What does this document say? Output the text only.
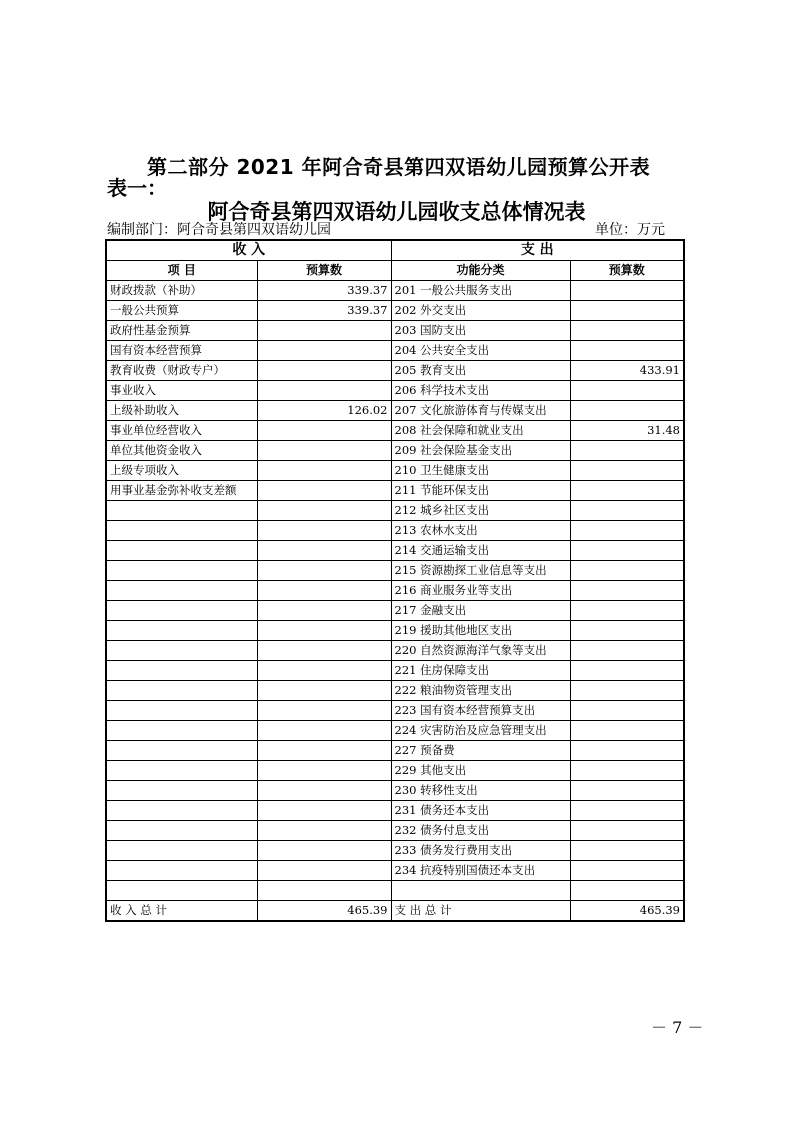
第二部分 2021 年阿合奇县第四双语幼儿园预算公开表
表一：
阿合奇县第四双语幼儿园收支总体情况表
编制部门：阿合奇县第四双语幼儿园	单位：万元
收 入		支 出	
项 目	预算数	功能分类	预算数
财政拨款（补助）	339.37	201 一般公共服务支出	
一般公共预算	339.37	202 外交支出	
政府性基金预算		203 国防支出	
国有资本经营预算		204 公共安全支出	
教育收费（财政专户）		205 教育支出	433.91
事业收入		206 科学技术支出	
上级补助收入	126.02	207 文化旅游体育与传媒支出	
事业单位经营收入		208 社会保障和就业支出	31.48
单位其他资金收入		209 社会保险基金支出	
上级专项收入		210 卫生健康支出	
用事业基金弥补收支差额		211 节能环保支出	
		212 城乡社区支出	
		213 农林水支出	
		214 交通运输支出	
		215 资源勘探工业信息等支出	
		216 商业服务业等支出	
		217 金融支出	
		219 援助其他地区支出	
		220 自然资源海洋气象等支出	
		221 住房保障支出	
		222 粮油物资管理支出	
		223 国有资本经营预算支出	
		224 灾害防治及应急管理支出	
		227 预备费	
		229 其他支出	
		230 转移性支出	
		231 债务还本支出	
		232 债务付息支出	
		233 债务发行费用支出	
		234 抗疫特别国债还本支出	

收 入 总 计	465.39	支 出 总 计	465.39
－ 7 －
